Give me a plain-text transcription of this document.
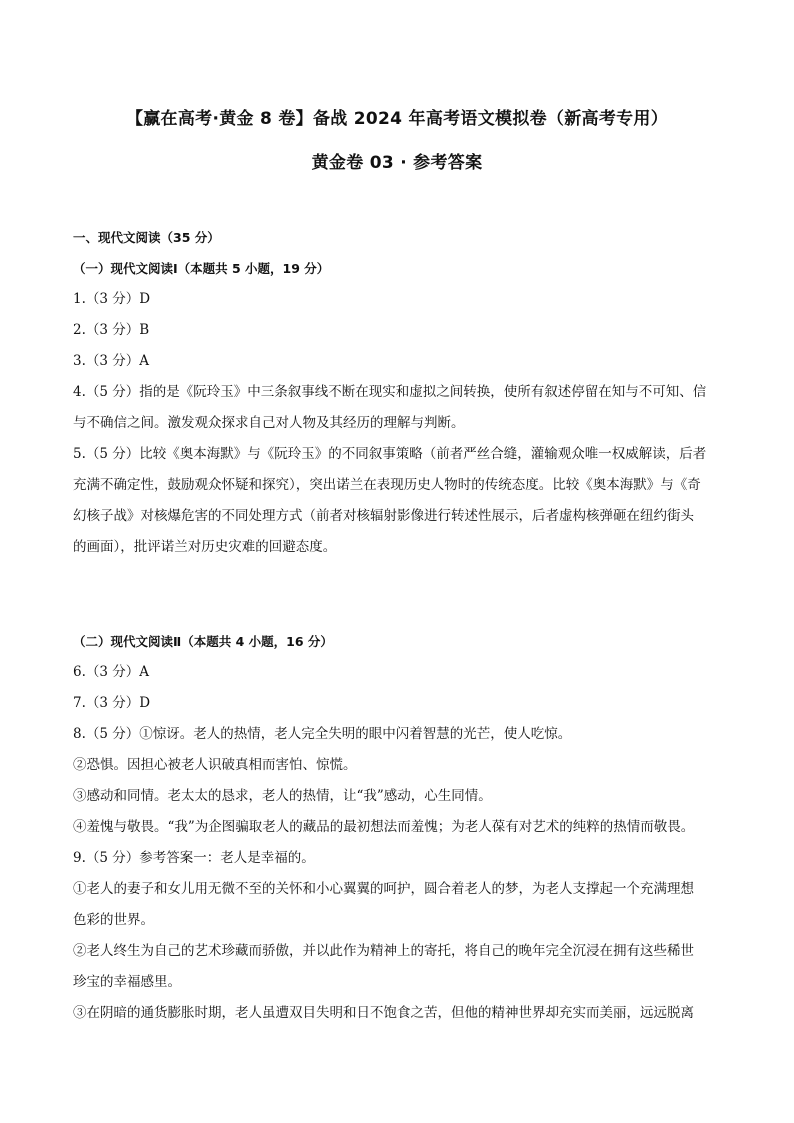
【赢在高考·黄金 8 卷】备战 2024 年高考语文模拟卷（新高考专用）
黄金卷 03 · 参考答案
一、现代文阅读（35 分）
（一）现代文阅读Ⅰ（本题共 5 小题，19 分）
1.（3 分）D
2.（3 分）B
3.（3 分）A
4.（5 分）指的是《阮玲玉》中三条叙事线不断在现实和虚拟之间转换，使所有叙述停留在知与不可知、信
与不确信之间。激发观众探求自己对人物及其经历的理解与判断。
5.（5 分）比较《奥本海默》与《阮玲玉》的不同叙事策略（前者严丝合缝，灌输观众唯一权威解读，后者
充满不确定性，鼓励观众怀疑和探究），突出诺兰在表现历史人物时的传统态度。比较《奥本海默》与《奇
幻核子战》对核爆危害的不同处理方式（前者对核辐射影像进行转述性展示，后者虚构核弹砸在纽约街头
的画面），批评诺兰对历史灾难的回避态度。
（二）现代文阅读Ⅱ（本题共 4 小题，16 分）
6.（3 分）A
7.（3 分）D
8.（5 分）①惊讶。老人的热情，老人完全失明的眼中闪着智慧的光芒，使人吃惊。
②恐惧。因担心被老人识破真相而害怕、惊慌。
③感动和同情。老太太的恳求，老人的热情，让“我”感动，心生同情。
④羞愧与敬畏。“我”为企图骗取老人的藏品的最初想法而羞愧；为老人葆有对艺术的纯粹的热情而敬畏。
9.（5 分）参考答案一：老人是幸福的。
①老人的妻子和女儿用无微不至的关怀和小心翼翼的呵护，圆合着老人的梦，为老人支撑起一个充满理想
色彩的世界。
②老人终生为自己的艺术珍藏而骄傲，并以此作为精神上的寄托，将自己的晚年完全沉浸在拥有这些稀世
珍宝的幸福感里。
③在阴暗的通货膨胀时期，老人虽遭双目失明和日不饱食之苦，但他的精神世界却充实而美丽，远远脱离
